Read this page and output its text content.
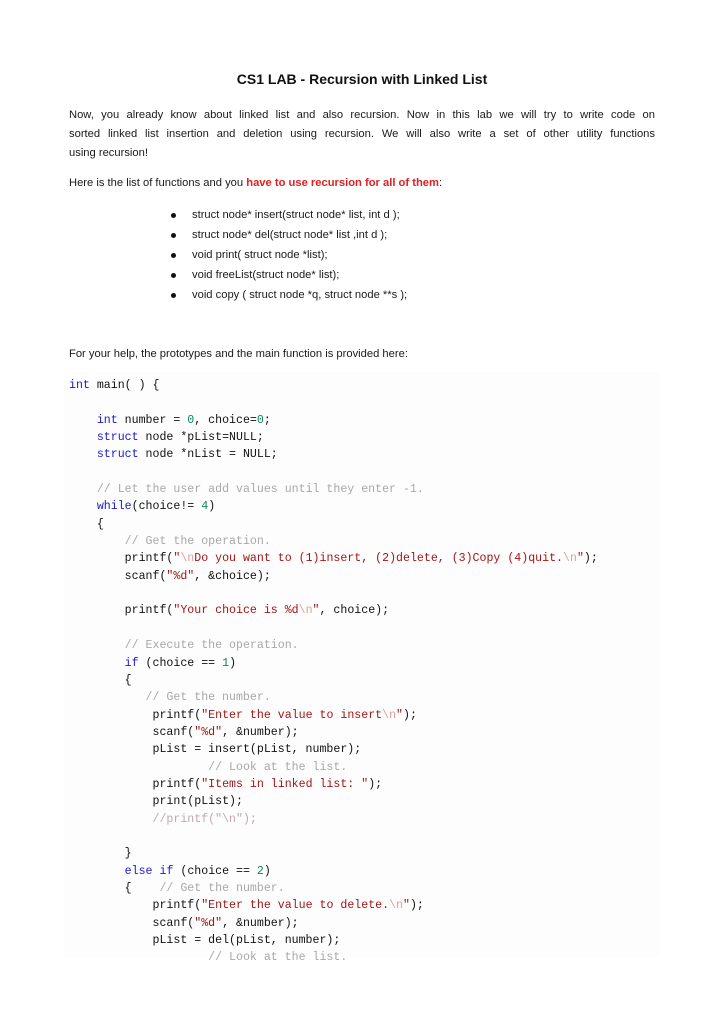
CS1 LAB - Recursion with Linked List
Now, you already know about linked list and also recursion. Now in this lab we will try to write code on
sorted linked list insertion and deletion using recursion. We will also write a set of other utility functions
using recursion!
Here is the list of functions and you have to use recursion for all of them:
struct node* insert(struct node* list, int d );
struct node* del(struct node* list ,int d );
void print( struct node *list);
void freeList(struct node* list);
void copy ( struct node *q, struct node **s );
For your help, the prototypes and the main function is provided here:
int main( ) {
int number = 0, choice=0;
struct node *pList=NULL;
struct node *nList = NULL;
// Let the user add values until they enter -1.
while(choice!= 4)
{
// Get the operation.
printf("\nDo you want to (1)insert, (2)delete, (3)Copy (4)quit.\n");
scanf("%d", &choice);
printf("Your choice is %d\n", choice);
// Execute the operation.
if (choice == 1)
{
// Get the number.
printf("Enter the value to insert\n");
scanf("%d", &number);
pList = insert(pList, number);
// Look at the list.
printf("Items in linked list: ");
print(pList);
//printf("\n");
}
else if (choice == 2)
{    // Get the number.
printf("Enter the value to delete.\n");
scanf("%d", &number);
pList = del(pList, number);
// Look at the list.
